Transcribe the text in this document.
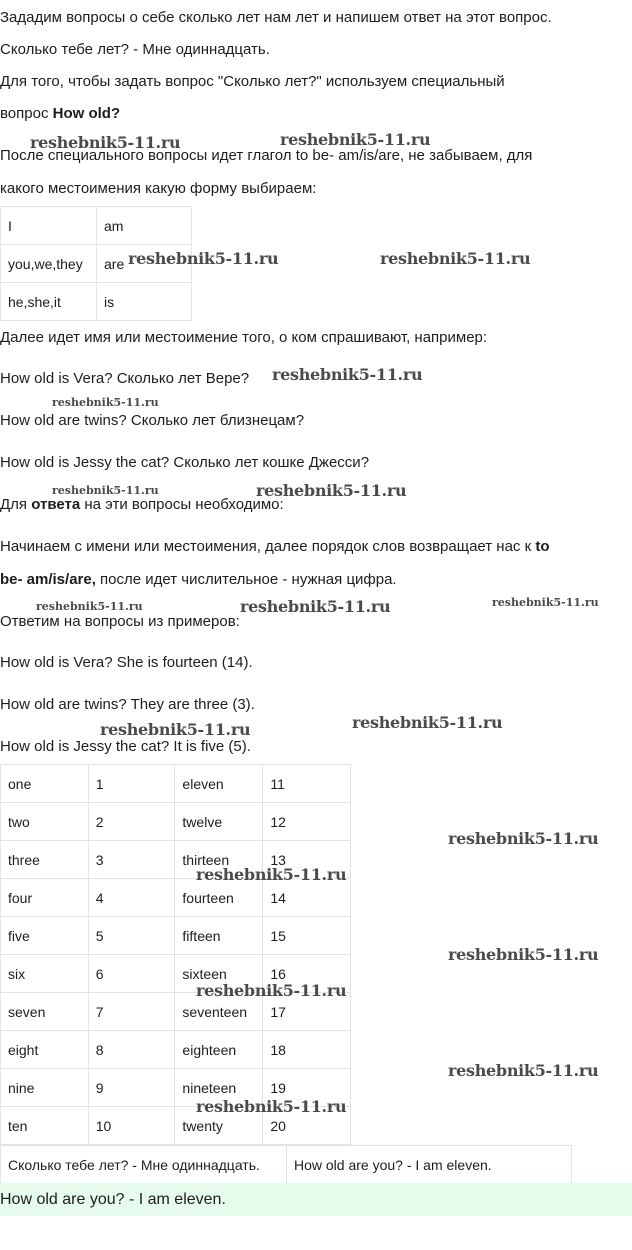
Зададим вопросы о себе сколько лет нам лет и напишем ответ на этот вопрос.
Сколько тебе лет? - Мне одиннадцать.
Для того, чтобы задать вопрос "Сколько лет?" используем специальный
вопрос How old?
После специального вопросы идет глагол to be- am/is/are, не забываем, для
какого местоимения какую форму выбираем:
I	am
you,we,they	are
he,she,it	is
Далее идет имя или местоимение того, о ком спрашивают, например:
How old is Vera? Сколько лет Вере?
How old are twins? Сколько лет близнецам?
How old is Jessy the cat? Сколько лет кошке Джесси?
Для ответа на эти вопросы необходимо:
Начинаем с имени или местоимения, далее порядок слов возвращает нас к to
be- am/is/are, после идет числительное - нужная цифра.
Ответим на вопросы из примеров:
How old is Vera? She is fourteen (14).
How old are twins? They are three (3).
How old is Jessy the cat? It is five (5).
one	1	eleven	11
two	2	twelve	12
three	3	thirteen	13
four	4	fourteen	14
five	5	fifteen	15
six	6	sixteen	16
seven	7	seventeen	17
eight	8	eighteen	18
nine	9	nineteen	19
ten	10	twenty	20
Сколько тебе лет? - Мне одиннадцать.	How old are you? - I am eleven.
How old are you? - I am eleven.
reshebnik5-11.ru	reshebnik5-11.ru
reshebnik5-11.ru	reshebnik5-11.ru
reshebnik5-11.ru
reshebnik5-11.ru
reshebnik5-11.ru	reshebnik5-11.ru
reshebnik5-11.ru	reshebnik5-11.ru	reshebnik5-11.ru
reshebnik5-11.ru
reshebnik5-11.ru
reshebnik5-11.ru
reshebnik5-11.ru
reshebnik5-11.ru
reshebnik5-11.ru
reshebnik5-11.ru
reshebnik5-11.ru
